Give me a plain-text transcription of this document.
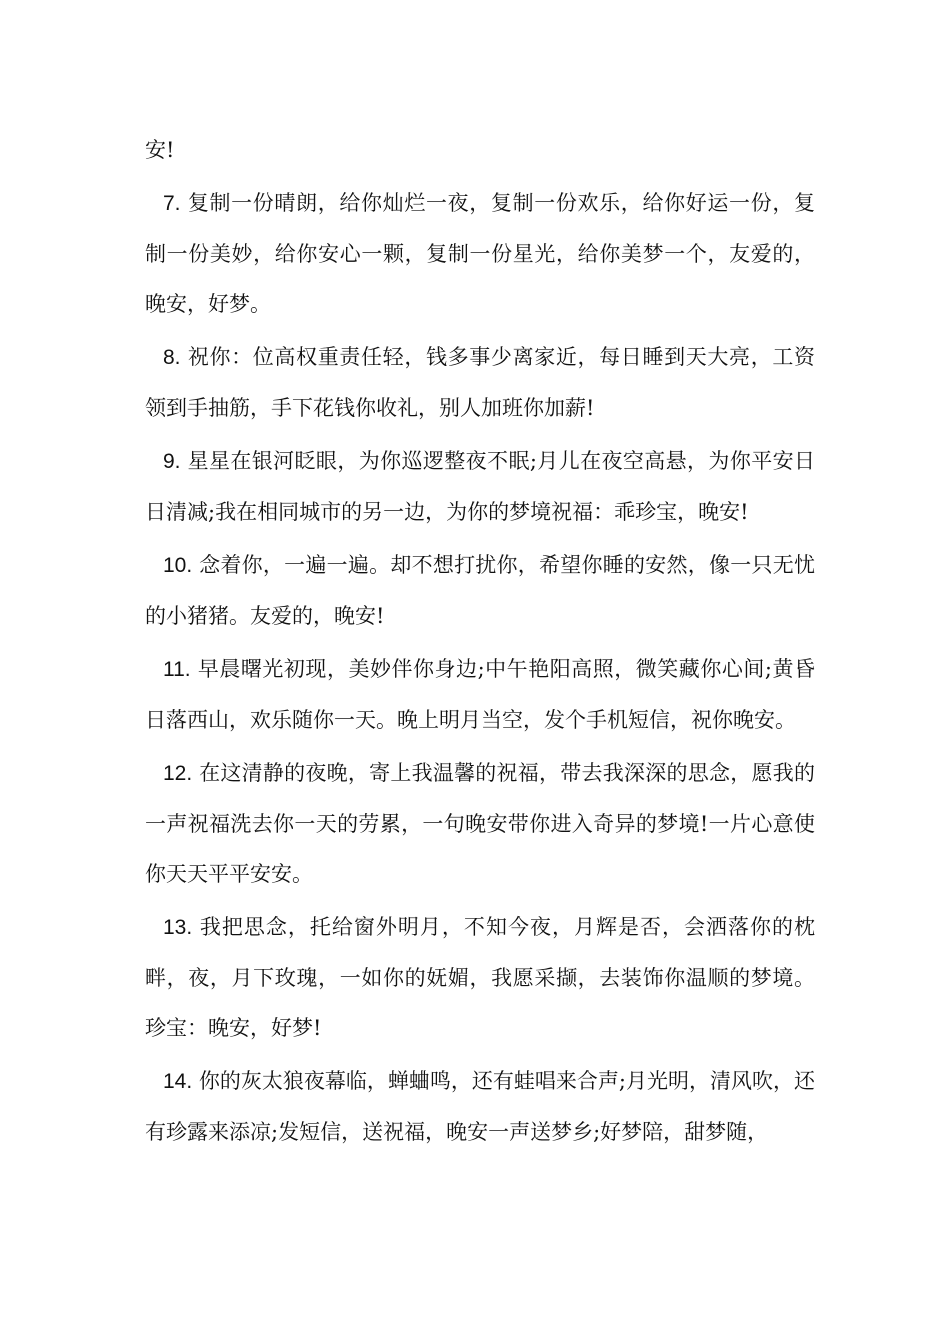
安!

7. 复制一份晴朗，给你灿烂一夜，复制一份欢乐，给你好运一份，复制一份美妙，给你安心一颗，复制一份星光，给你美梦一个，友爱的，晚安，好梦。

8. 祝你：位高权重责任轻，钱多事少离家近，每日睡到天大亮，工资领到手抽筋，手下花钱你收礼，别人加班你加薪!

9. 星星在银河眨眼，为你巡逻整夜不眠;月儿在夜空高悬，为你平安日日清减;我在相同城市的另一边，为你的梦境祝福：乖珍宝，晚安!

10. 念着你，一遍一遍。却不想打扰你，希望你睡的安然，像一只无忧的小猪猪。友爱的，晚安!

11. 早晨曙光初现，美妙伴你身边;中午艳阳高照，微笑藏你心间;黄昏日落西山，欢乐随你一天。晚上明月当空，发个手机短信，祝你晚安。

12. 在这清静的夜晚，寄上我温馨的祝福，带去我深深的思念，愿我的一声祝福洗去你一天的劳累，一句晚安带你进入奇异的梦境!一片心意使你天天平平安安。

13. 我把思念，托给窗外明月，不知今夜，月辉是否，会洒落你的枕畔，夜，月下玫瑰，一如你的妩媚，我愿采撷，去装饰你温顺的梦境。珍宝：晚安，好梦!

14. 你的灰太狼夜幕临，蝉蛐鸣，还有蛙唱来合声;月光明，清风吹，还有珍露来添凉;发短信，送祝福，晚安一声送梦乡;好梦陪，甜梦随，
